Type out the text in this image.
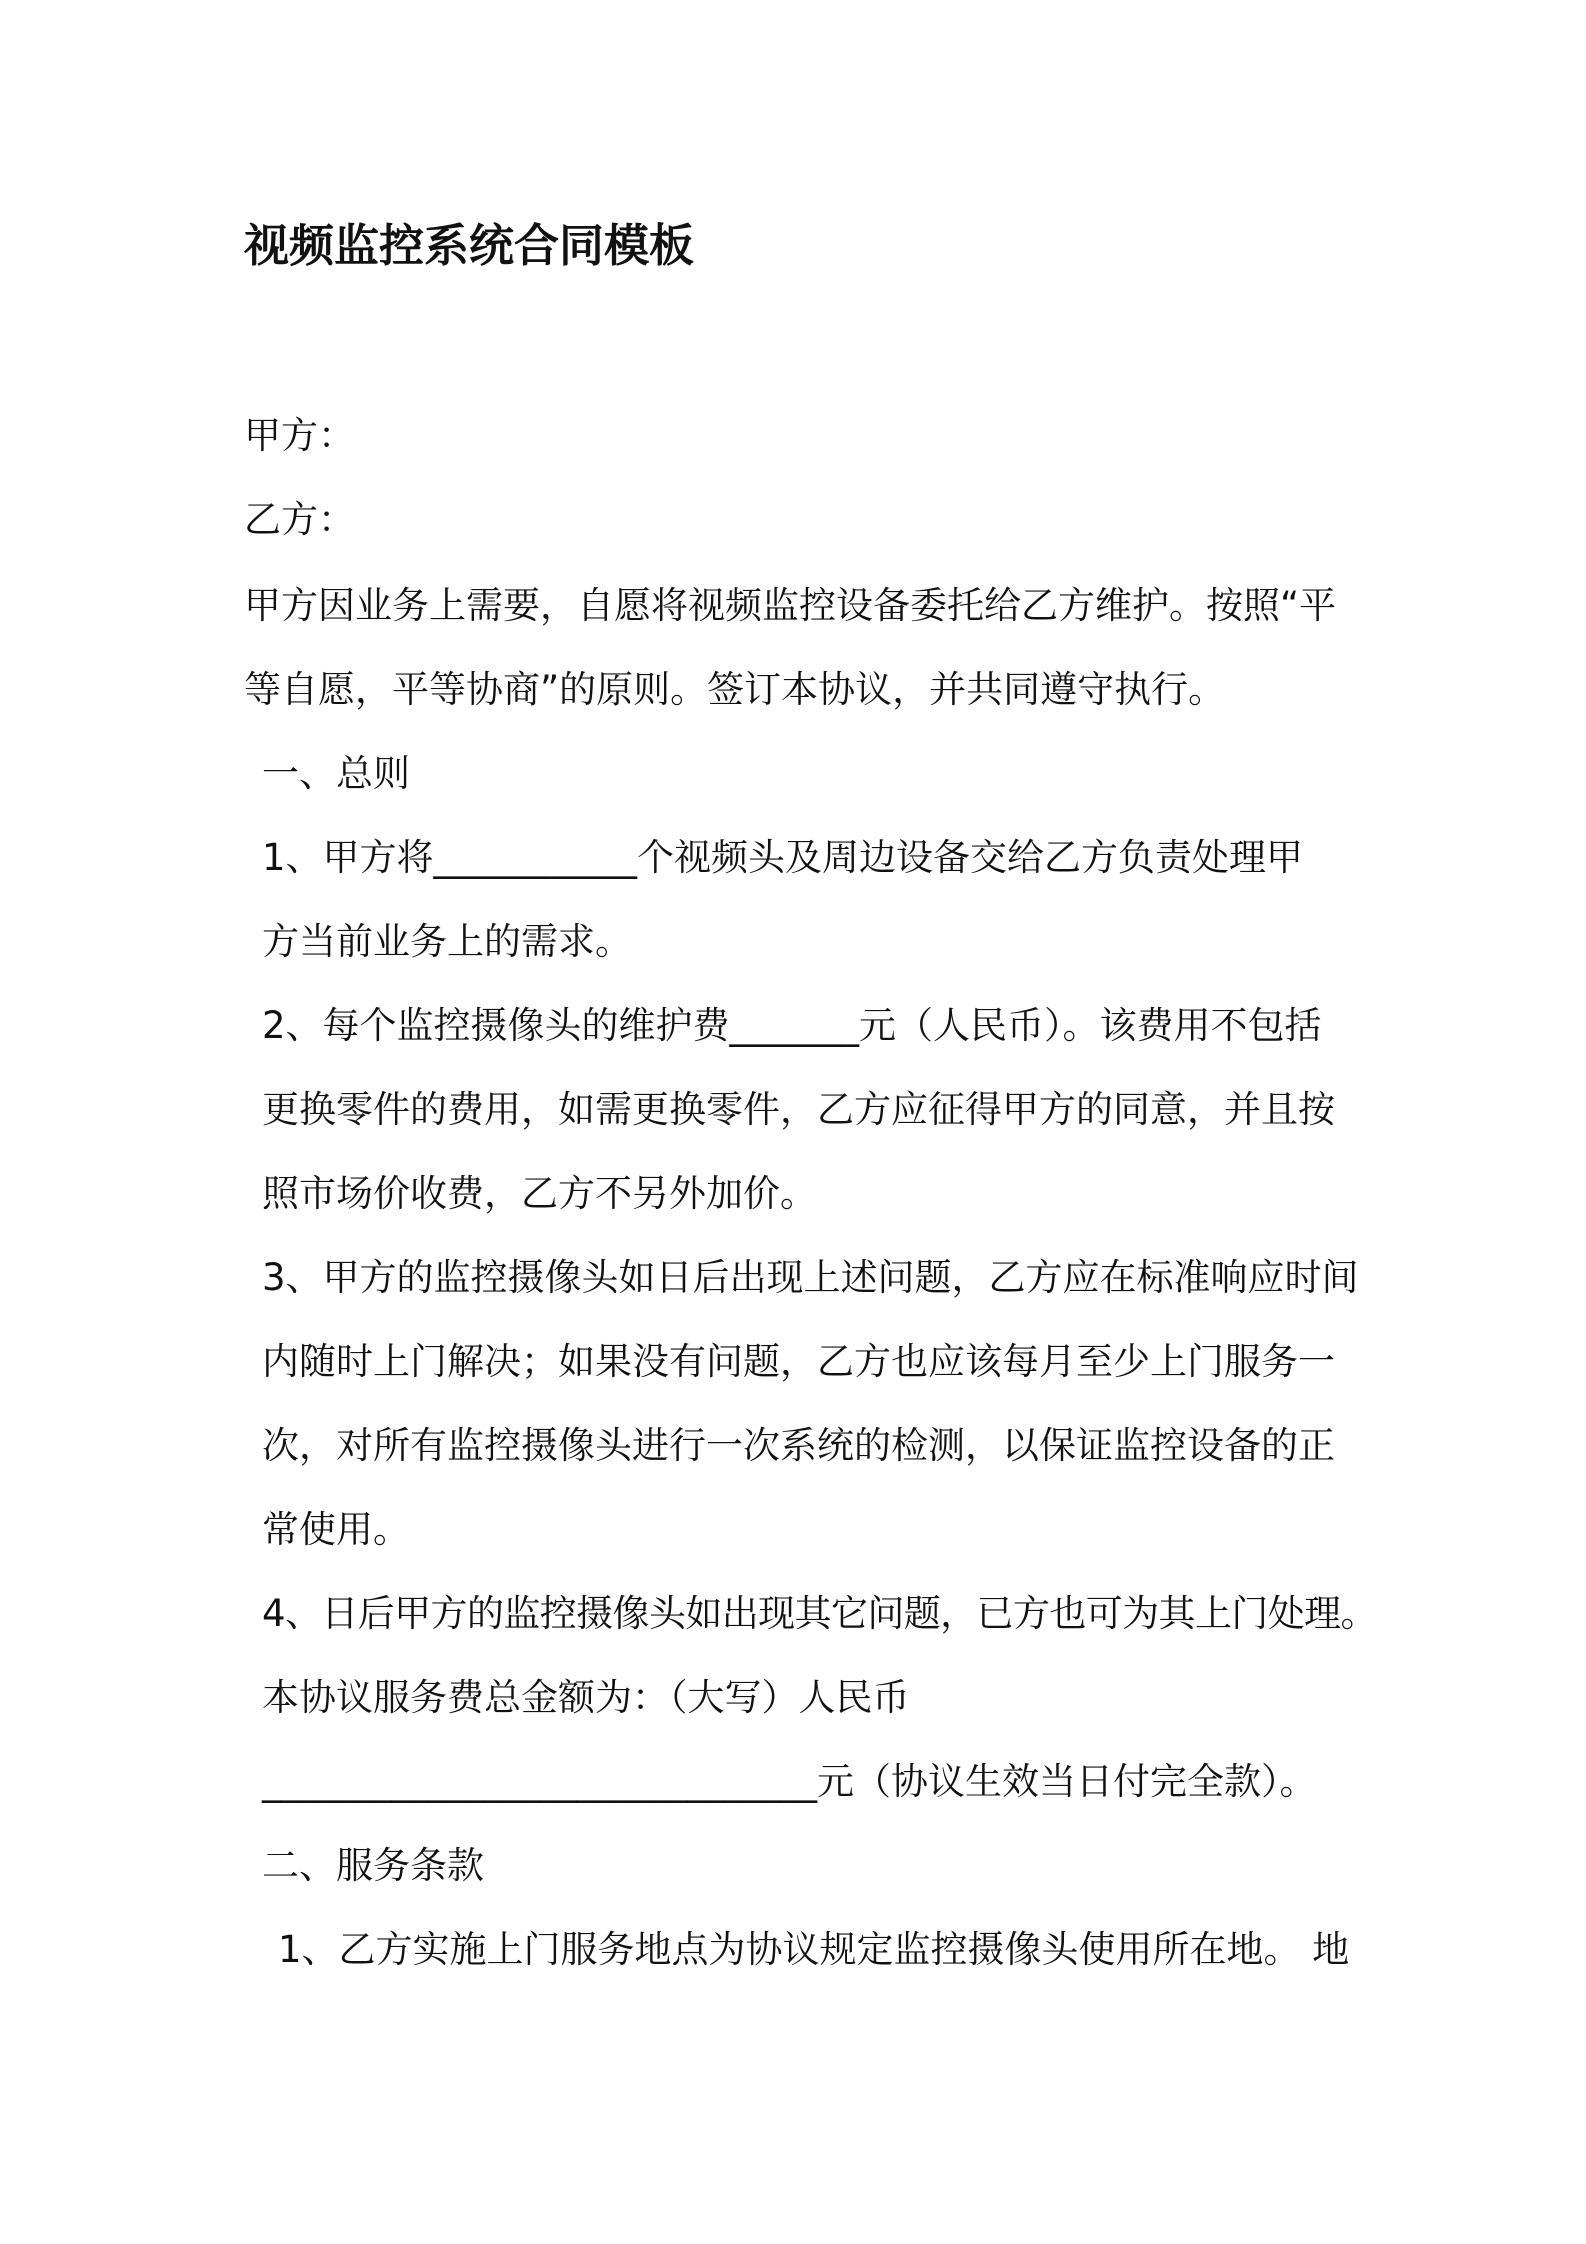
视频监控系统合同模板
甲方：
乙方：
甲方因业务上需要，自愿将视频监控设备委托给乙方维护。按照“平
等自愿，平等协商”的原则。签订本协议，并共同遵守执行。
一、总则
1、甲方将___________个视频头及周边设备交给乙方负责处理甲
方当前业务上的需求。
2、每个监控摄像头的维护费_______元（人民币）。该费用不包括
更换零件的费用，如需更换零件，乙方应征得甲方的同意，并且按
照市场价收费，乙方不另外加价。
3、甲方的监控摄像头如日后出现上述问题，乙方应在标准响应时间
内随时上门解决；如果没有问题，乙方也应该每月至少上门服务一
次，对所有监控摄像头进行一次系统的检测，以保证监控设备的正
常使用。
4、日后甲方的监控摄像头如出现其它问题，已方也可为其上门处理。
本协议服务费总金额为：（大写）人民币
______________________________元（协议生效当日付完全款）。
二、服务条款
1、乙方实施上门服务地点为协议规定监控摄像头使用所在地。 地
